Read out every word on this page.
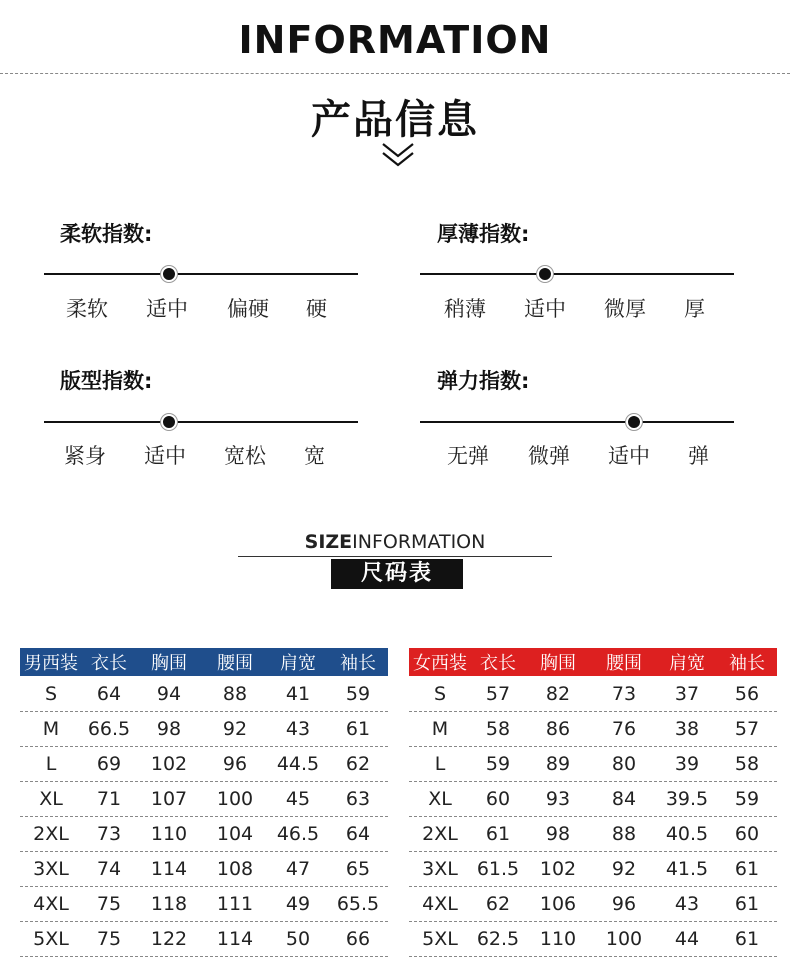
INFORMATION
产品信息
柔软指数:
柔软 适中 偏硬 硬
厚薄指数:
稍薄 适中 微厚 厚
版型指数:
紧身 适中 宽松 宽
弹力指数:
无弹 微弹 适中 弹
SIZEINFORMATION
尺码表
男西装 衣长	胸围	腰围	肩宽	袖长
S	64	94	88	41	59
M	66.5	98	92	43	61
L	69	102	96	44.5	62
XL	71	107	100	45	63
2XL	73	110	104	46.5	64
3XL	74	114	108	47	65
4XL	75	118	111	49	65.5
5XL	75	122	114	50	66
女西装 衣长	胸围	腰围	肩宽	袖长
S	57	82	73	37	56
M	58	86	76	38	57
L	59	89	80	39	58
XL	60	93	84	39.5	59
2XL	61	98	88	40.5	60
3XL	61.5	102	92	41.5	61
4XL	62	106	96	43	61
5XL	62.5	110	100	44	61
